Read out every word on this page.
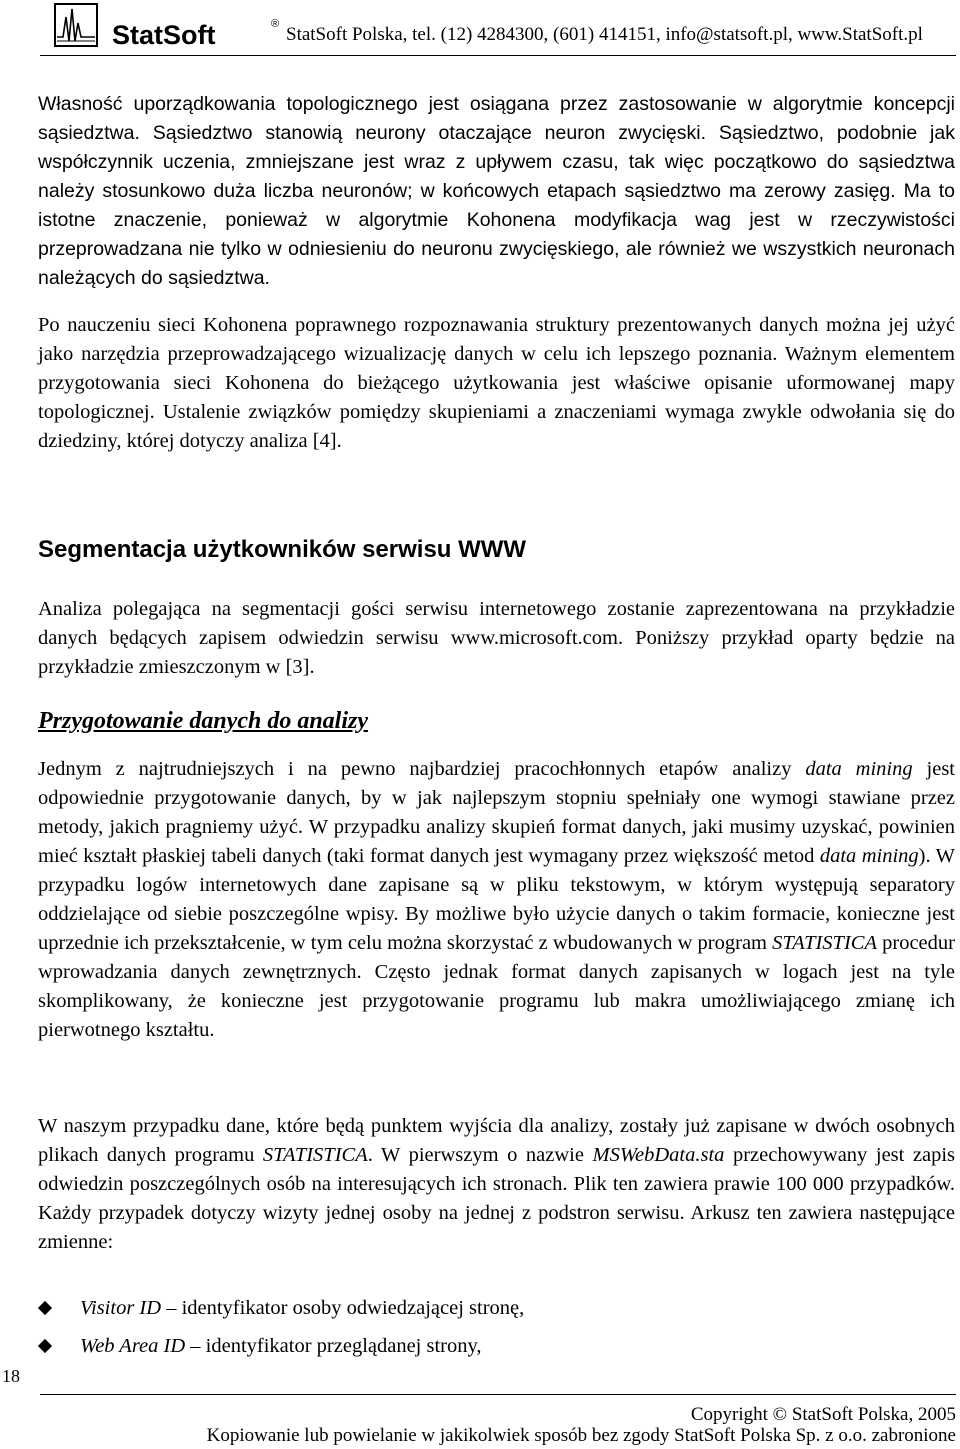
StatSoft	® StatSoft Polska, tel. (12) 4284300, (601) 414151, info@statsoft.pl, www.StatSoft.pl

Własność uporządkowania topologicznego jest osiągana przez zastosowanie w algorytmie koncepcji sąsiedztwa. Sąsiedztwo stanowią neurony otaczające neuron zwycięski. Sąsiedztwo, podobnie jak współczynnik uczenia, zmniejszane jest wraz z upływem czasu, tak więc początkowo do sąsiedztwa należy stosunkowo duża liczba neuronów; w końcowych etapach sąsiedztwo ma zerowy zasięg. Ma to istotne znaczenie, ponieważ w algorytmie Kohonena modyfikacja wag jest w rzeczywistości przeprowadzana nie tylko w odniesieniu do neuronu zwycięskiego, ale również we wszystkich neuronach należących do sąsiedztwa.

Po nauczeniu sieci Kohonena poprawnego rozpoznawania struktury prezentowanych danych można jej użyć jako narzędzia przeprowadzającego wizualizację danych w celu ich lepszego poznania. Ważnym elementem przygotowania sieci Kohonena do bieżącego użytkowania jest właściwe opisanie uformowanej mapy topologicznej. Ustalenie związków pomiędzy skupieniami a znaczeniami wymaga zwykle odwołania się do dziedziny, której dotyczy analiza [4].

Segmentacja użytkowników serwisu WWW

Analiza polegająca na segmentacji gości serwisu internetowego zostanie zaprezentowana na przykładzie danych będących zapisem odwiedzin serwisu www.microsoft.com. Poniższy przykład oparty będzie na przykładzie zmieszczonym w [3].

Przygotowanie danych do analizy

Jednym z najtrudniejszych i na pewno najbardziej pracochłonnych etapów analizy data mining jest odpowiednie przygotowanie danych, by w jak najlepszym stopniu spełniały one wymogi stawiane przez metody, jakich pragniemy użyć. W przypadku analizy skupień format danych, jaki musimy uzyskać, powinien mieć kształt płaskiej tabeli danych (taki format danych jest wymagany przez większość metod data mining). W przypadku logów internetowych dane zapisane są w pliku tekstowym, w którym występują separatory oddzielające od siebie poszczególne wpisy. By możliwe było użycie danych o takim formacie, konieczne jest uprzednie ich przekształcenie, w tym celu można skorzystać z wbudowanych w program STATISTICA procedur wprowadzania danych zewnętrznych. Często jednak format danych zapisanych w logach jest na tyle skomplikowany, że konieczne jest przygotowanie programu lub makra umożliwiającego zmianę ich pierwotnego kształtu.

W naszym przypadku dane, które będą punktem wyjścia dla analizy, zostały już zapisane w dwóch osobnych plikach danych programu STATISTICA. W pierwszym o nazwie MSWebData.sta przechowywany jest zapis odwiedzin poszczególnych osób na interesujących ich stronach. Plik ten zawiera prawie 100 000 przypadków. Każdy przypadek dotyczy wizyty jednej osoby na jednej z podstron serwisu. Arkusz ten zawiera następujące zmienne:

Visitor ID – identyfikator osoby odwiedzającej stronę,
Web Area ID – identyfikator przeglądanej strony,
18
Copyright © StatSoft Polska, 2005
Kopiowanie lub powielanie w jakikolwiek sposób bez zgody StatSoft Polska Sp. z o.o. zabronione
